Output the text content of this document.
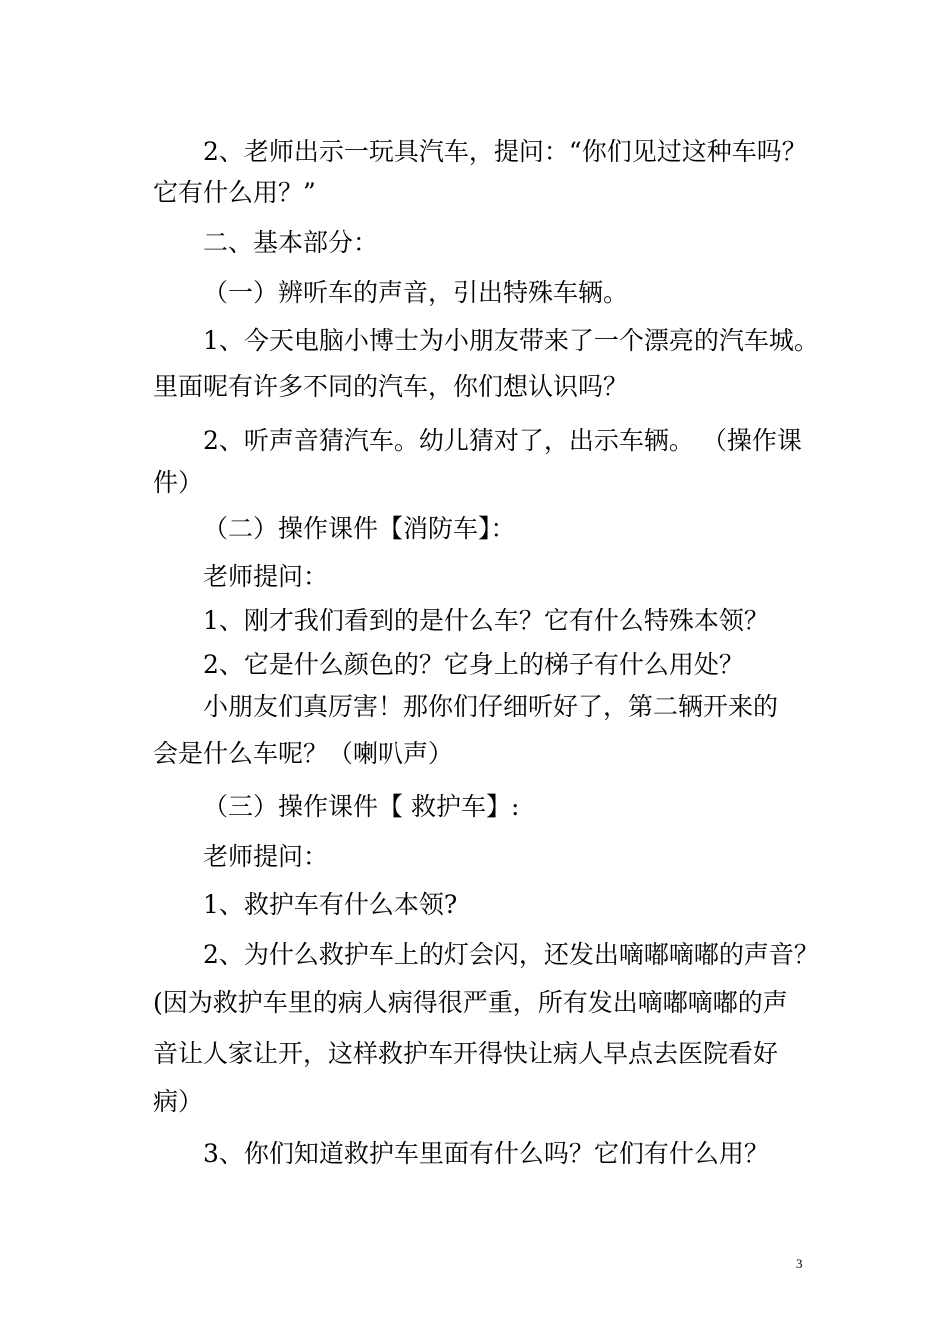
2、老师出示一玩具汽车，提问：“你们见过这种车吗？
它有什么用？”
二、基本部分：
（一）辨听车的声音，引出特殊车辆。
1、今天电脑小博士为小朋友带来了一个漂亮的汽车城。
里面呢有许多不同的汽车，你们想认识吗？
2、听声音猜汽车。幼儿猜对了，出示车辆。 （操作课
件）
（二）操作课件【消防车】：
老师提问：
1、刚才我们看到的是什么车？它有什么特殊本领？
2、它是什么颜色的？它身上的梯子有什么用处？
小朋友们真厉害！那你们仔细听好了，第二辆开来的
会是什么车呢？（喇叭声）
（三）操作课件【 救护车】:
老师提问：
1、救护车有什么本领?
2、为什么救护车上的灯会闪，还发出嘀嘟嘀嘟的声音？
(因为救护车里的病人病得很严重，所有发出嘀嘟嘀嘟的声
音让人家让开，这样救护车开得快让病人早点去医院看好
病）
3、你们知道救护车里面有什么吗？它们有什么用？
3
